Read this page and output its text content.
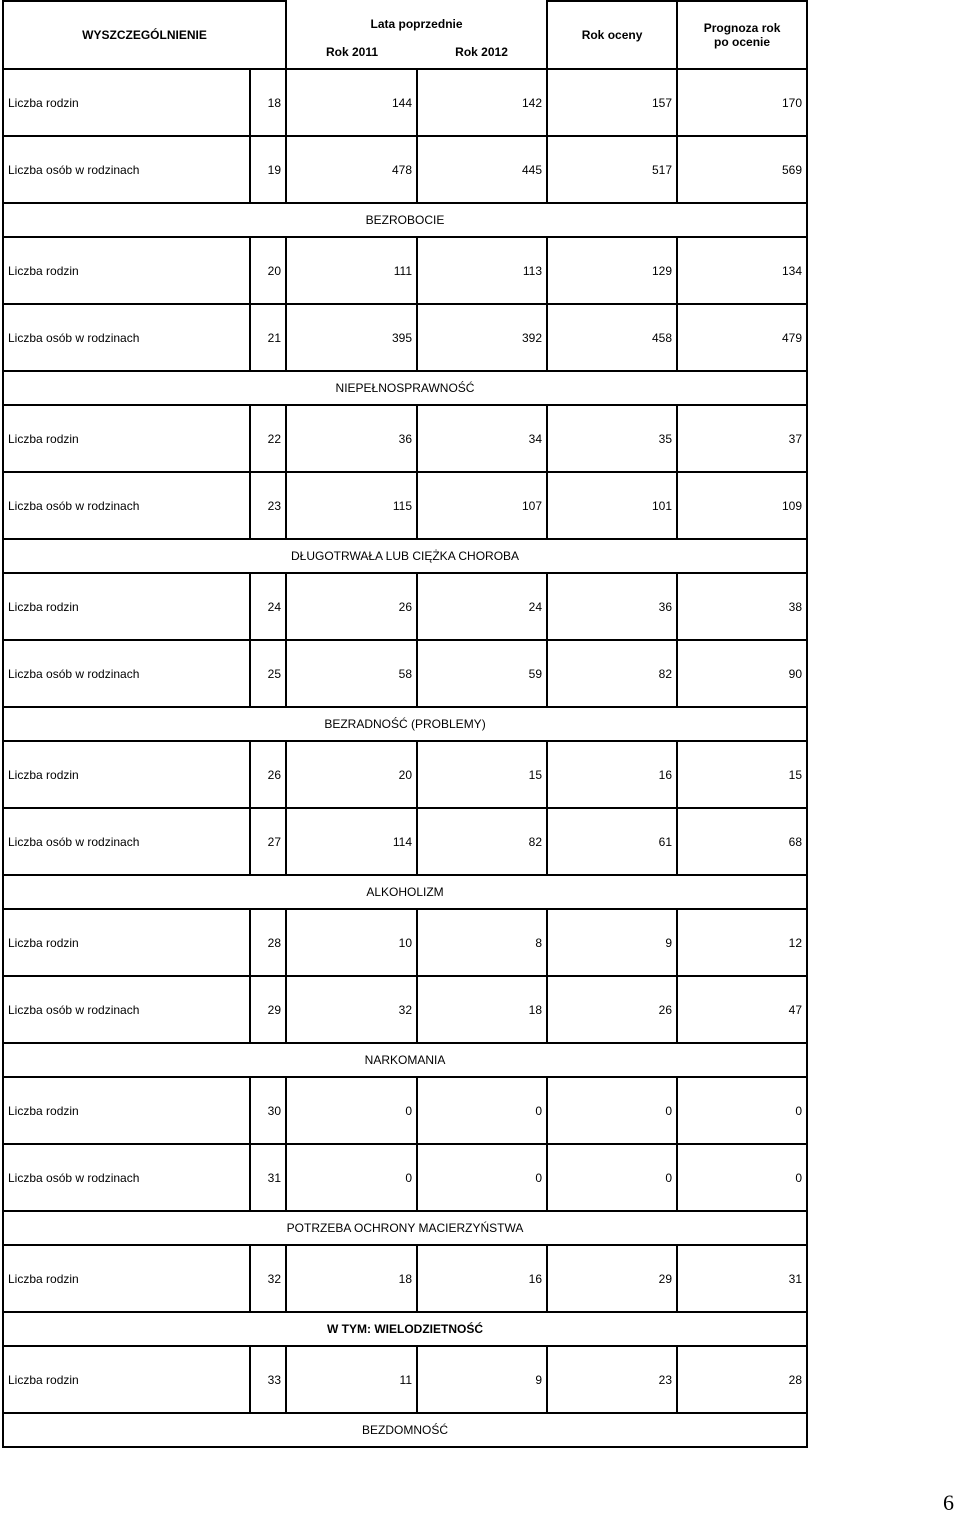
WYSZCZEGÓLNIENIE		Lata poprzednie		Rok oceny	Prognoza rok
po ocenie

		Rok 2011	Rok 2012		
Liczba rodzin	18	144	142	157	170
Liczba osób w rodzinach	19	478	445	517	569
BEZROBOCIE					
Liczba rodzin	20	111	113	129	134
Liczba osób w rodzinach	21	395	392	458	479
NIEPEŁNOSPRAWNOŚĆ					
Liczba rodzin	22	36	34	35	37
Liczba osób w rodzinach	23	115	107	101	109
DŁUGOTRWAŁA LUB CIĘŻKA CHOROBA					
Liczba rodzin	24	26	24	36	38
Liczba osób w rodzinach	25	58	59	82	90
BEZRADNOŚĆ (PROBLEMY)					
Liczba rodzin	26	20	15	16	15
Liczba osób w rodzinach	27	114	82	61	68
ALKOHOLIZM					
Liczba rodzin	28	10	8	9	12
Liczba osób w rodzinach	29	32	18	26	47
NARKOMANIA					
Liczba rodzin	30	0	0	0	0
Liczba osób w rodzinach	31	0	0	0	0
POTRZEBA OCHRONY MACIERZYŃSTWA					
Liczba rodzin	32	18	16	29	31
W TYM: WIELODZIETNOŚĆ					
Liczba rodzin	33	11	9	23	28
BEZDOMNOŚĆ					
6
